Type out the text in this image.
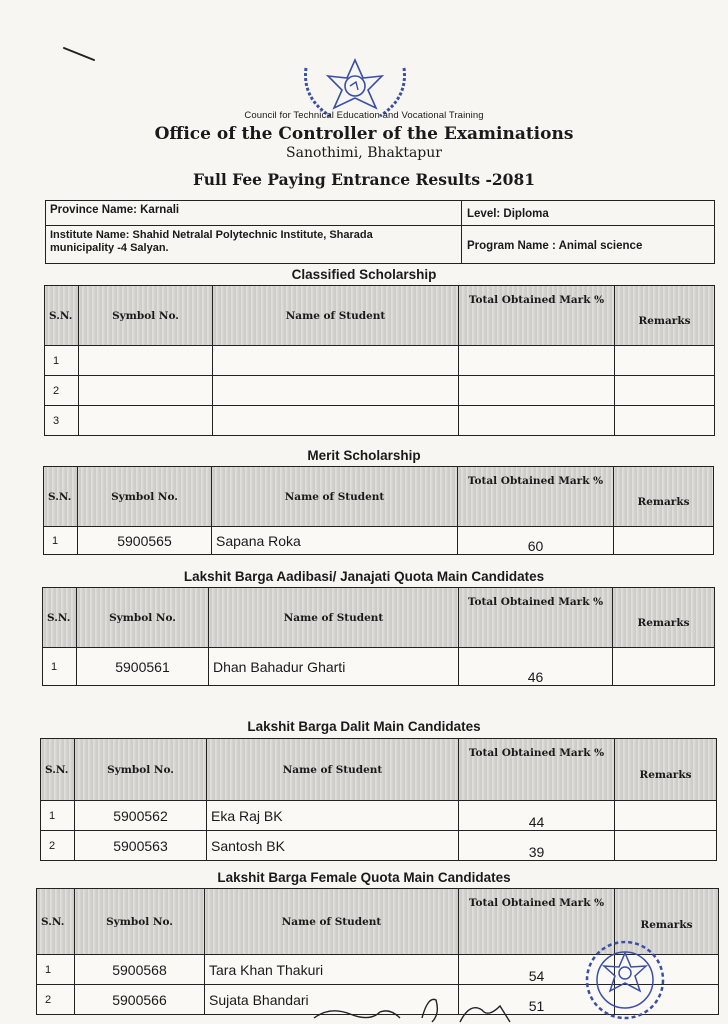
Council for Technical Education and Vocational Training
Office of the Controller of the Examinations
Sanothimi, Bhaktapur
Full Fee Paying Entrance Results -2081
Province Name: Karnali	Level: Diploma
Institute Name: Shahid Netralal Polytechnic Institute, Sharada
municipality -4 Salyan.	Program Name : Animal science
Classified Scholarship
S.N.	Symbol No.	Name of Student	Total Obtained Mark %	Remarks
1				
2				
3				
Merit Scholarship
S.N.	Symbol No.	Name of Student	Total Obtained Mark %	Remarks
1	5900565	Sapana Roka	60	
Lakshit Barga Aadibasi/ Janajati Quota Main Candidates
S.N.	Symbol No.	Name of Student	Total Obtained Mark %	Remarks
1	5900561	Dhan Bahadur Gharti	46	
Lakshit Barga Dalit Main Candidates
S.N.	Symbol No.	Name of Student	Total Obtained Mark %	Remarks
1	5900562	Eka Raj BK	44	
2	5900563	Santosh BK	39	
Lakshit Barga Female Quota Main Candidates
S.N.	Symbol No.	Name of Student	Total Obtained Mark %	Remarks
1	5900568	Tara Khan Thakuri	54	
2	5900566	Sujata Bhandari	51	
